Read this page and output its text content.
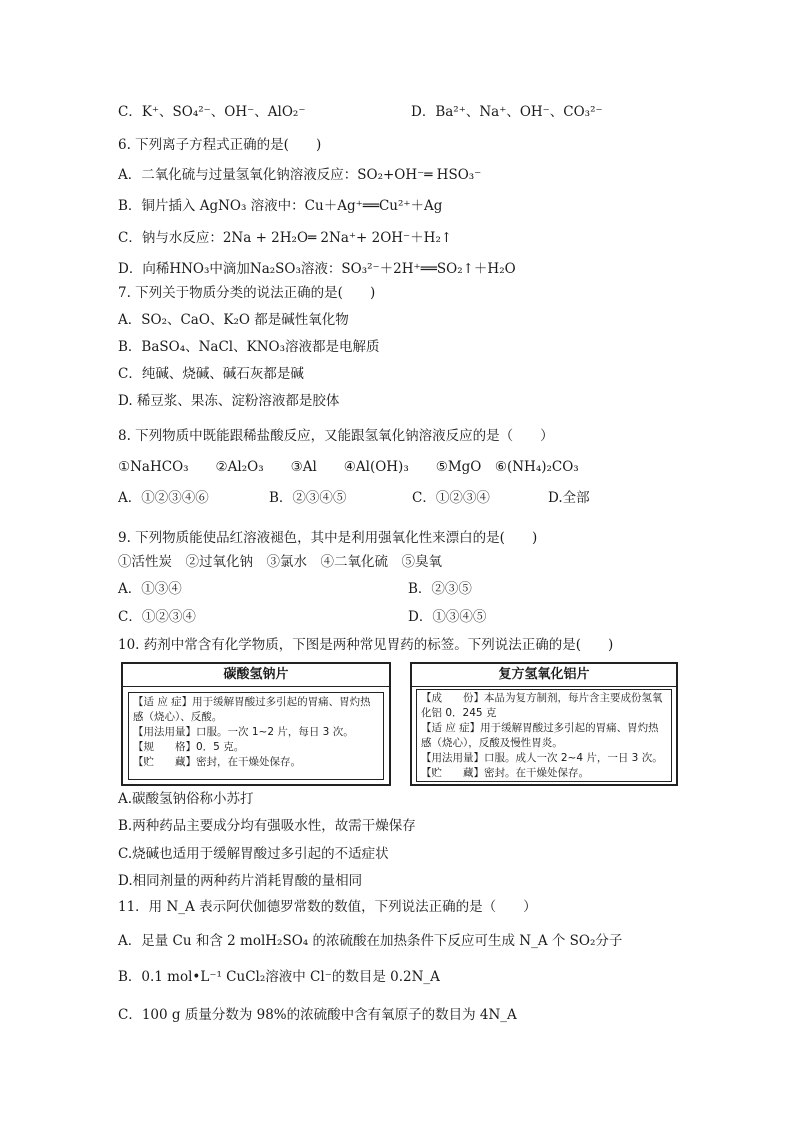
C．K⁺、SO₄²⁻、OH⁻、AlO₂⁻	D．Ba²⁺、Na⁺、OH⁻、CO₃²⁻
6. 下列离子方程式正确的是(　　)
A．二氧化硫与过量氢氧化钠溶液反应：SO₂+OH⁻═ HSO₃⁻
B．铜片插入 AgNO₃ 溶液中：Cu＋Ag⁺══Cu²⁺＋Ag
C．钠与水反应：2Na + 2H₂O═ 2Na⁺+ 2OH⁻＋H₂↑
D．向稀HNO₃中滴加Na₂SO₃溶液：SO₃²⁻＋2H⁺══SO₂↑＋H₂O
7. 下列关于物质分类的说法正确的是(　　)
A．SO₂、CaO、K₂O 都是碱性氧化物
B．BaSO₄、NaCl、KNO₃溶液都是电解质
C．纯碱、烧碱、碱石灰都是碱
D. 稀豆浆、果冻、淀粉溶液都是胶体
8. 下列物质中既能跟稀盐酸反应，又能跟氢氧化钠溶液反应的是（　　）
①NaHCO₃　　②Al₂O₃　　③Al　　④Al(OH)₃　　⑤MgO　⑥(NH₄)₂CO₃
A．①②③④⑥	B．②③④⑤	C．①②③④	D.全部
9. 下列物质能使品红溶液褪色，其中是利用强氧化性来漂白的是(　　)
①活性炭　②过氧化钠　③氯水　④二氧化硫　⑤臭氧
A．①③④	B．②③⑤
C．①②③④	D．①③④⑤
10. 药剂中常含有化学物质，下图是两种常见胃药的标签。下列说法正确的是(　　)
碳酸氢钠片
【适 应 症】用于缓解胃酸过多引起的胃痛、胃灼热
感（烧心）、反酸。
【用法用量】口服。一次 1~2 片，每日 3 次。
【规　　格】0．5 克。
【贮　　藏】密封，在干燥处保存。
复方氢氧化铝片
【成　　份】本品为复方制剂，每片含主要成份氢氧
化铝 0．245 克
【适 应 症】用于缓解胃酸过多引起的胃痛、胃灼热
感（烧心），反酸及慢性胃炎。
【用法用量】口服。成人一次 2~4 片，一日 3 次。
【贮　　藏】密封。在干燥处保存。
A.碳酸氢钠俗称小苏打
B.两种药品主要成分均有强吸水性，故需干燥保存
C.烧碱也适用于缓解胃酸过多引起的不适症状
D.相同剂量的两种药片消耗胃酸的量相同
11．用 N_A 表示阿伏伽德罗常数的数值，下列说法正确的是（　　）
A．足量 Cu 和含 2 molH₂SO₄ 的浓硫酸在加热条件下反应可生成 N_A 个 SO₂分子
B．0.1 mol•L⁻¹ CuCl₂溶液中 Cl⁻的数目是 0.2N_A
C．100 g 质量分数为 98%的浓硫酸中含有氧原子的数目为 4N_A
